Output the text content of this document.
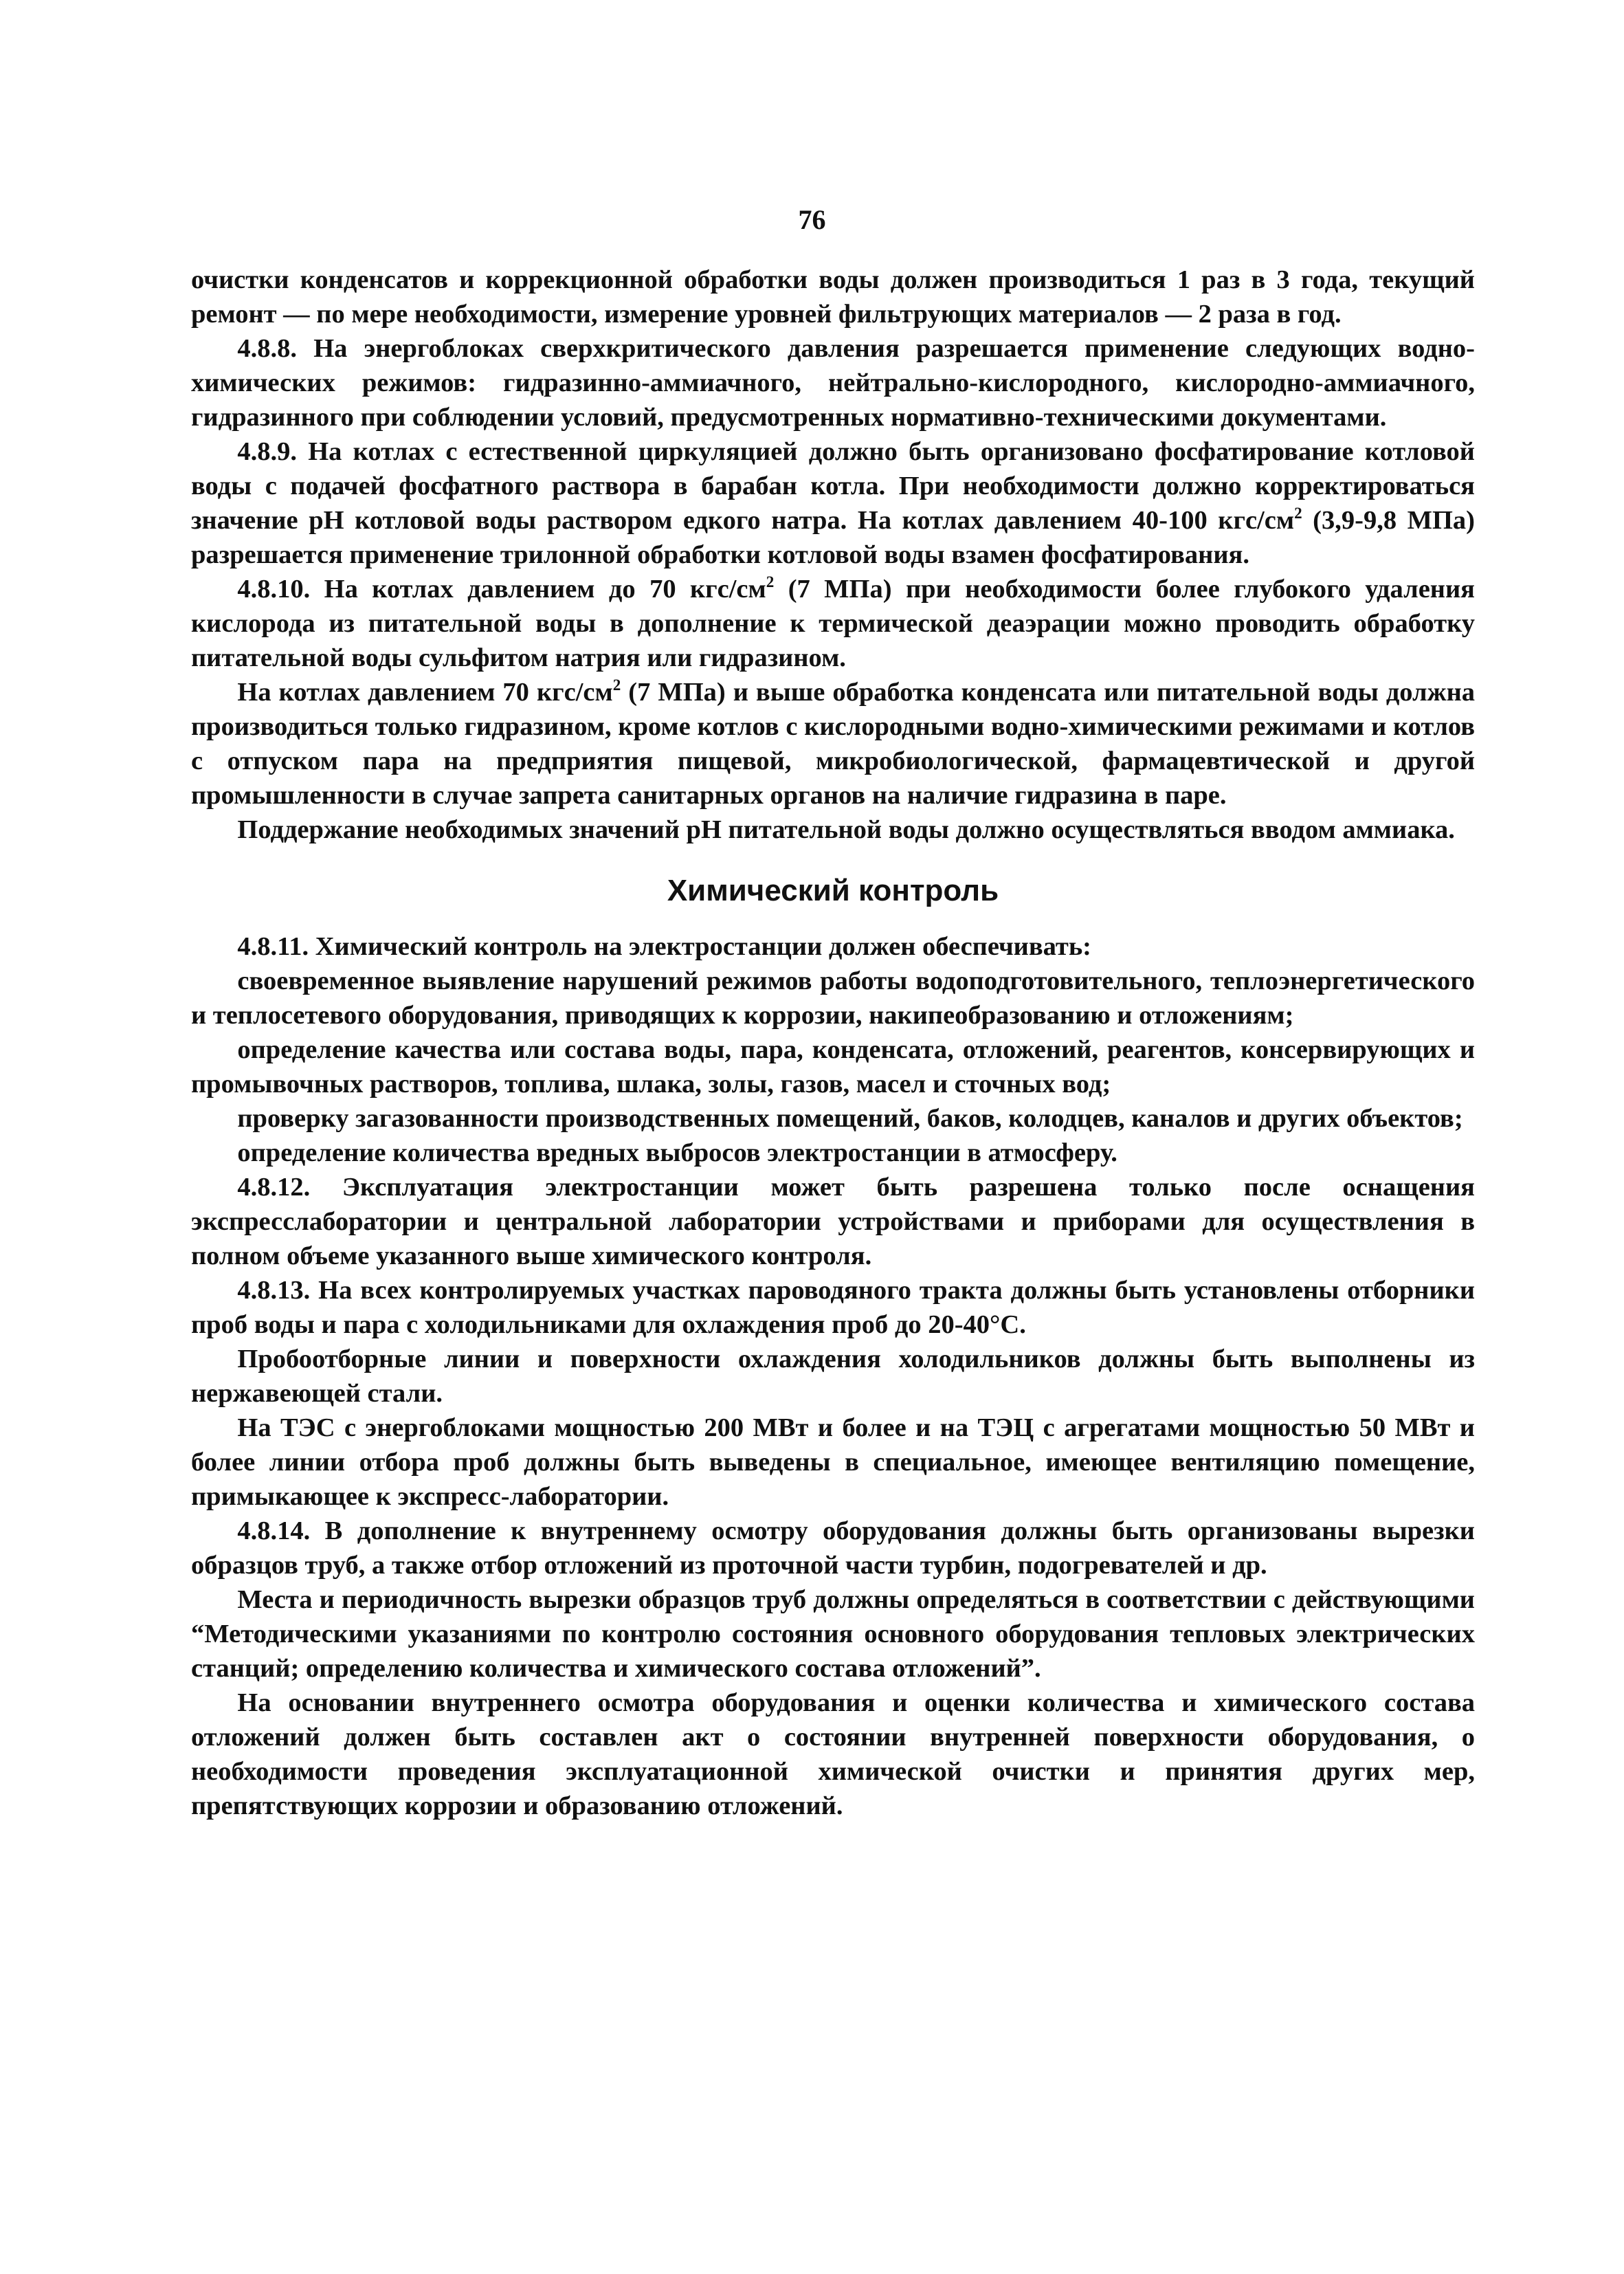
76

очистки конденсатов и коррекционной обработки воды должен производиться 1 раз в 3 года, текущий ремонт — по мере необходимости, измерение уровней фильтрующих материалов — 2 раза в год.

4.8.8. На энергоблоках сверхкритического давления разрешается применение следующих водно-химических режимов: гидразинно-аммиачного, нейтрально-кислородного, кислородно-аммиачного, гидразинного при соблюдении условий, предусмотренных нормативно-техническими документами.

4.8.9. На котлах с естественной циркуляцией должно быть организовано фосфатирование котловой воды с подачей фосфатного раствора в барабан котла. При необходимости должно корректироваться значение pH котловой воды раствором едкого натра. На котлах давлением 40-100 кгс/$см^2$ (3,9-9,8 МПа) разрешается применение трилонной обработки котловой воды взамен фосфатирования.

4.8.10. На котлах давлением до 70 кгс/$см^2$ (7 МПа) при необходимости более глубокого удаления кислорода из питательной воды в дополнение к термической деаэрации можно проводить обработку питательной воды сульфитом натрия или гидразином.

На котлах давлением 70 кгс/$см^2$ (7 МПа) и выше обработка конденсата или питательной воды должна производиться только гидразином, кроме котлов с кислородными водно-химическими режимами и котлов с отпуском пара на предприятия пищевой, микробиологической, фармацевтической и другой промышленности в случае запрета санитарных органов на наличие гидразина в паре.

Поддержание необходимых значений pH питательной воды должно осуществляться вводом аммиака.

Химический контроль

4.8.11. Химический контроль на электростанции должен обеспечивать:

своевременное выявление нарушений режимов работы водоподготовительного, теплоэнергетического и теплосетевого оборудования, приводящих к коррозии, накипеобразованию и отложениям;

определение качества или состава воды, пара, конденсата, отложений, реагентов, консервирующих и промывочных растворов, топлива, шлака, золы, газов, масел и сточных вод;

проверку загазованности производственных помещений, баков, колодцев, каналов и других объектов;

определение количества вредных выбросов электростанции в атмосферу.

4.8.12. Эксплуатация электростанции может быть разрешена только после оснащения экспресслаборатории и центральной лаборатории устройствами и приборами для осуществления в полном объеме указанного выше химического контроля.

4.8.13. На всех контролируемых участках пароводяного тракта должны быть установлены отборники проб воды и пара с холодильниками для охлаждения проб до 20-40°С.

Пробоотборные линии и поверхности охлаждения холодильников должны быть выполнены из нержавеющей стали.

На ТЭС с энергоблоками мощностью 200 МВт и более и на ТЭЦ с агрегатами мощностью 50 МВт и более линии отбора проб должны быть выведены в специальное, имеющее вентиляцию помещение, примыкающее к экспресс-лаборатории.

4.8.14. В дополнение к внутреннему осмотру оборудования должны быть организованы вырезки образцов труб, а также отбор отложений из проточной части турбин, подогревателей и др.

Места и периодичность вырезки образцов труб должны определяться в соответствии с действующими “Методическими указаниями по контролю состояния основного оборудования тепловых электрических станций; определению количества и химического состава отложений”.

На основании внутреннего осмотра оборудования и оценки количества и химического состава отложений должен быть составлен акт о состоянии внутренней поверхности оборудования, о необходимости проведения эксплуатационной химической очистки и принятия других мер, препятствующих коррозии и образованию отложений.
